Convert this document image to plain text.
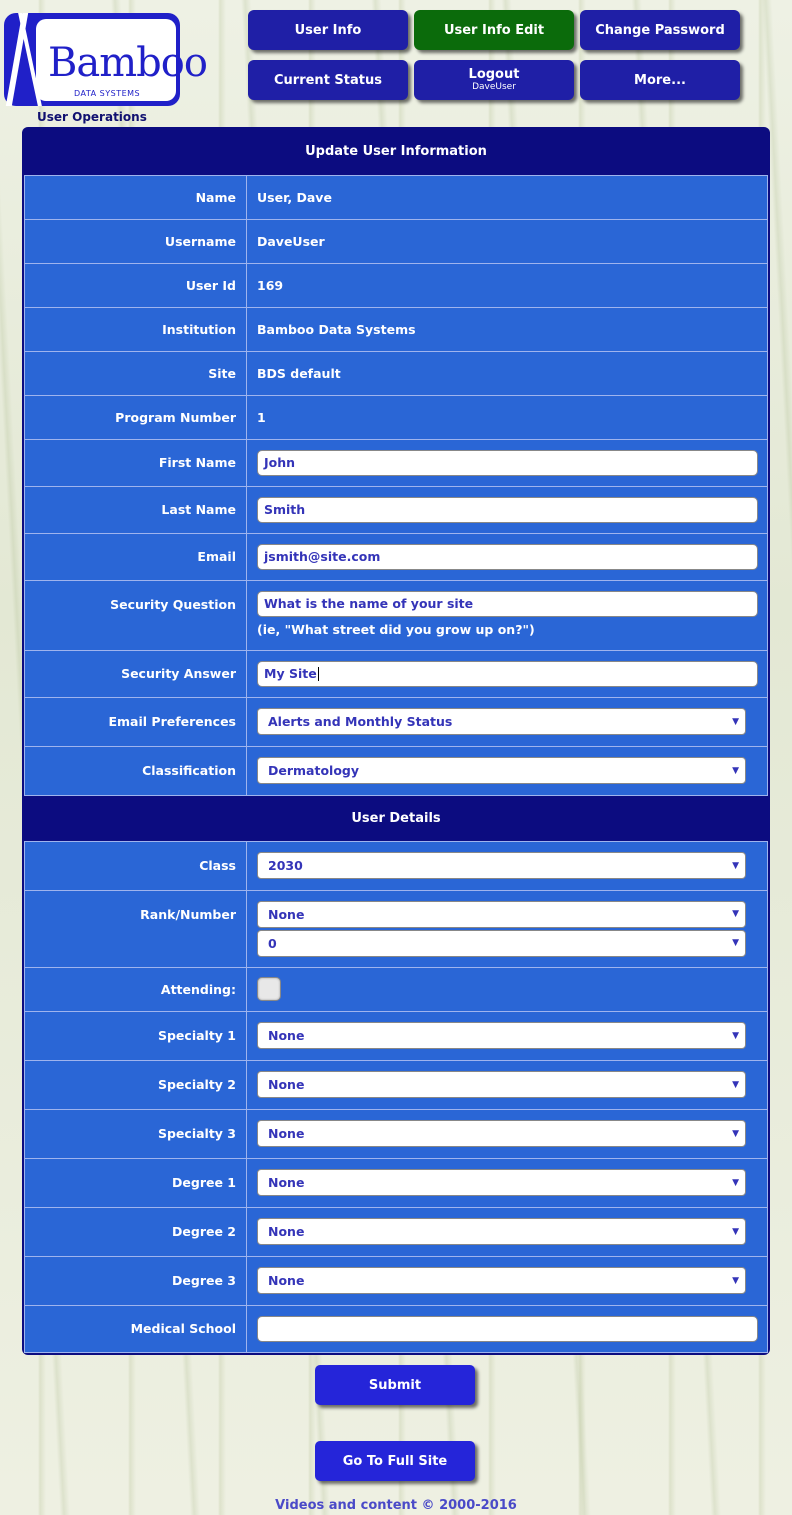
Bamboo
DATA SYSTEMS
User Operations
User Info	User Info Edit	Change Password
Current Status	Logout
DaveUser	More...
Update User Information	
Name	User, Dave
Username	DaveUser
User Id	169
Institution	Bamboo Data Systems
Site	BDS default
Program Number	1
First Name	John

Last Name	Smith

Email	jsmith@site.com

Security Question	What is the name of your site
(ie, "What street did you grow up on?")

Security Answer	My Site

Email Preferences	Alerts and Monthly Status ▼

Classification	Dermatology ▼

User Details	
Class	2030 ▼

Rank/Number	None ▼
0 ▼

Attending:	

Specialty 1	None ▼

Specialty 2	None ▼

Specialty 3	None ▼

Degree 1	None ▼

Degree 2	None ▼

Degree 3	None ▼

Medical School	
Submit
Go To Full Site
Videos and content © 2000-2016
